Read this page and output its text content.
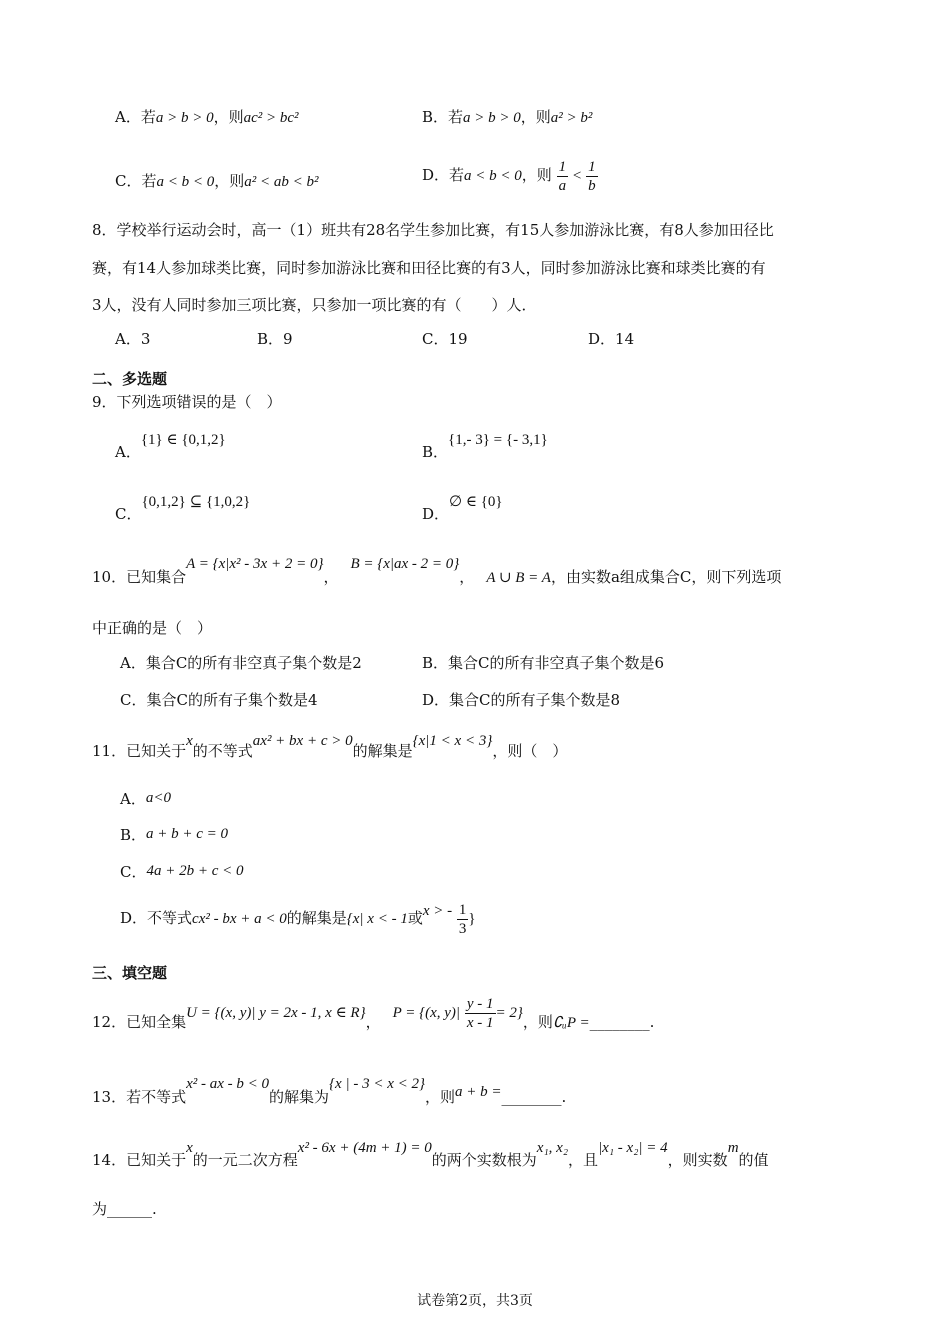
A．若a > b > 0，则ac² > bc²	B．若a > b > 0，则a² > b²
C．若a < b < 0，则a² < ab < b²	D．若a < b < 0，则 $\frac{1}{a} < \frac{1}{b}$
8．学校举行运动会时，高一（1）班共有28名学生参加比赛，有15人参加游泳比赛，有8人参加田径比
赛，有14人参加球类比赛，同时参加游泳比赛和田径比赛的有3人，同时参加游泳比赛和球类比赛的有
3人，没有人同时参加三项比赛，只参加一项比赛的有（　　）人．
A．3	B．9	C．19	D．14
二、多选题
9．下列选项错误的是（　）
A．{1} ∈ {0,1,2}
B．{1,- 3} = {- 3,1}
C．{0,1,2} ⊆ {1,0,2}
D．∅ ∈ {0}
10．已知集合A = {x|x² - 3x + 2 = 0}，B = {x|ax - 2 = 0}， A ∪ B = A，由实数a组成集合C，则下列选项
中正确的是（　）
A．集合C的所有非空真子集个数是2	B．集合C的所有非空真子集个数是6
C．集合C的所有子集个数是4	D．集合C的所有子集个数是8
11．已知关于x的不等式ax² + bx + c > 0的解集是{x|1 < x < 3}，则（　）
A．a<0
B．a + b + c = 0
C．4a + 2b + c < 0
D．不等式cx² - bx + a < 0的解集是{x| x < - 1或x > - $\frac{1}{3}$ }
三、填空题
12．已知全集U = {(x, y)| y = 2x - 1, x ∈ R}， P = {(x, $y)| \frac{y - 1}{x - 1} = 2$}，则∁ᵤP =________.
13．若不等式x² - ax - b < 0的解集为{x | - 3 < x < 2}，则a + b =________.
14．已知关于x的一元二次方程x² - 6x + (4m + 1) = 0的两个实数根为x₁, x₂，且|x₁ - x₂| = 4，则实数m的值
为______.
试卷第2页，共3页
